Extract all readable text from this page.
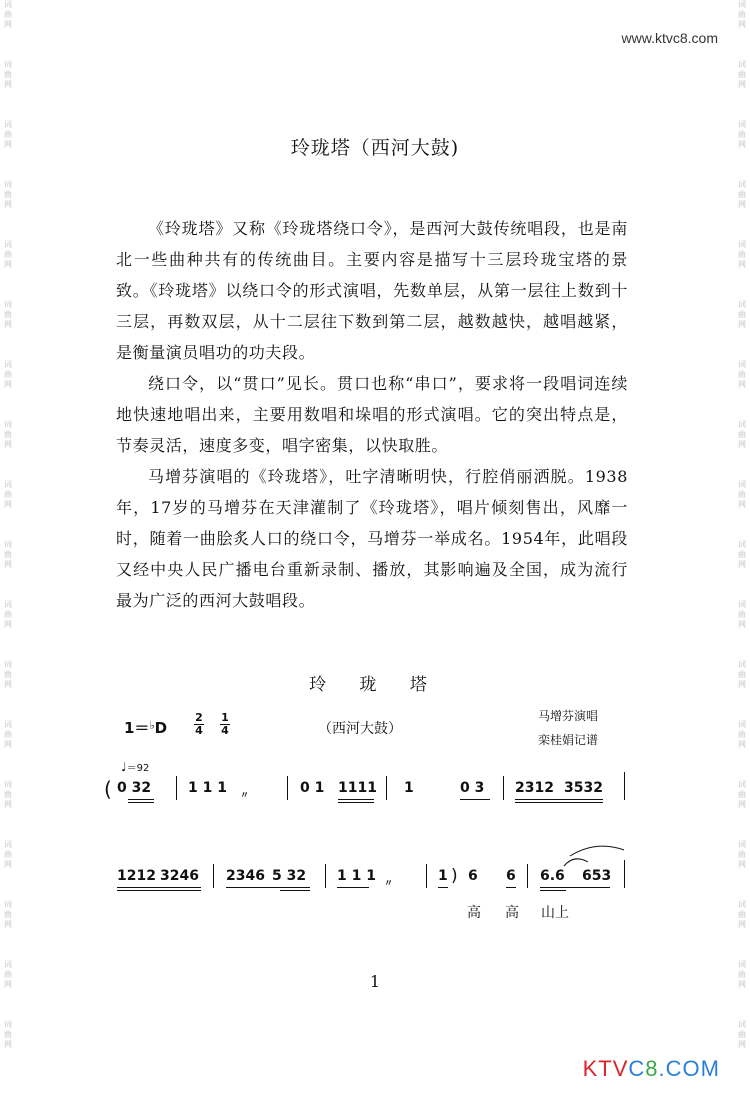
词
曲
网
词
曲
网
词
曲
网
词
曲
网
词
曲
网
词
曲
网
词
曲
网
词
曲
网
词
曲
网
词
曲
网
词
曲
网
词
曲
网
词
曲
网
词
曲
网
词
曲
网
词
曲
网
词
曲
网
词
曲
网
词
曲
网
词
曲
网
词
曲
网
词
曲
网
词
曲
网
词
曲
网
词
曲
网
词
曲
网
词
曲
网
词
曲
网
词
曲
网
词
曲
网
词
曲
网
词
曲
网
词
曲
网
词
曲
网
词
曲
网
词
曲
网
www.ktvc8.com
玲珑塔（西河大鼓)

《玲珑塔》又称《玲珑塔绕口令》，是西河大鼓传统唱段，也是南北一些曲种共有的传统曲目。主要内容是描写十三层玲珑宝塔的景致。《玲珑塔》以绕口令的形式演唱，先数单层，从第一层往上数到十三层，再数双层，从十二层往下数到第二层，越数越快，越唱越紧，是衡量演员唱功的功夫段。

绕口令，以“贯口”见长。贯口也称“串口”，要求将一段唱词连续地快速地唱出来，主要用数唱和垛唱的形式演唱。它的突出特点是，节奏灵活，速度多变，唱字密集，以快取胜。

马增芬演唱的《玲珑塔》，吐字清晰明快，行腔俏丽洒脱。1938年，17岁的马增芬在天津灌制了《玲珑塔》，唱片倾刻售出，风靡一时，随着一曲脍炙人口的绕口令，马增芬一举成名。1954年，此唱段又经中央人民广播电台重新录制、播放，其影响遍及全国，成为流行最为广泛的西河大鼓唱段。

玲 珑 塔
1＝♭D
2
4
1
4	（西河大鼓）
马增芬演唱
栾桂娟记谱
♩＝92
( 0 32	1 1 1 〃	0 1 1111 1	0 3 2312 3532
1212 3246 2346 5 32 1 1 1 〃	1 ) 6 6 6.6 653
高 高 山上
1
KTVC8.COM
